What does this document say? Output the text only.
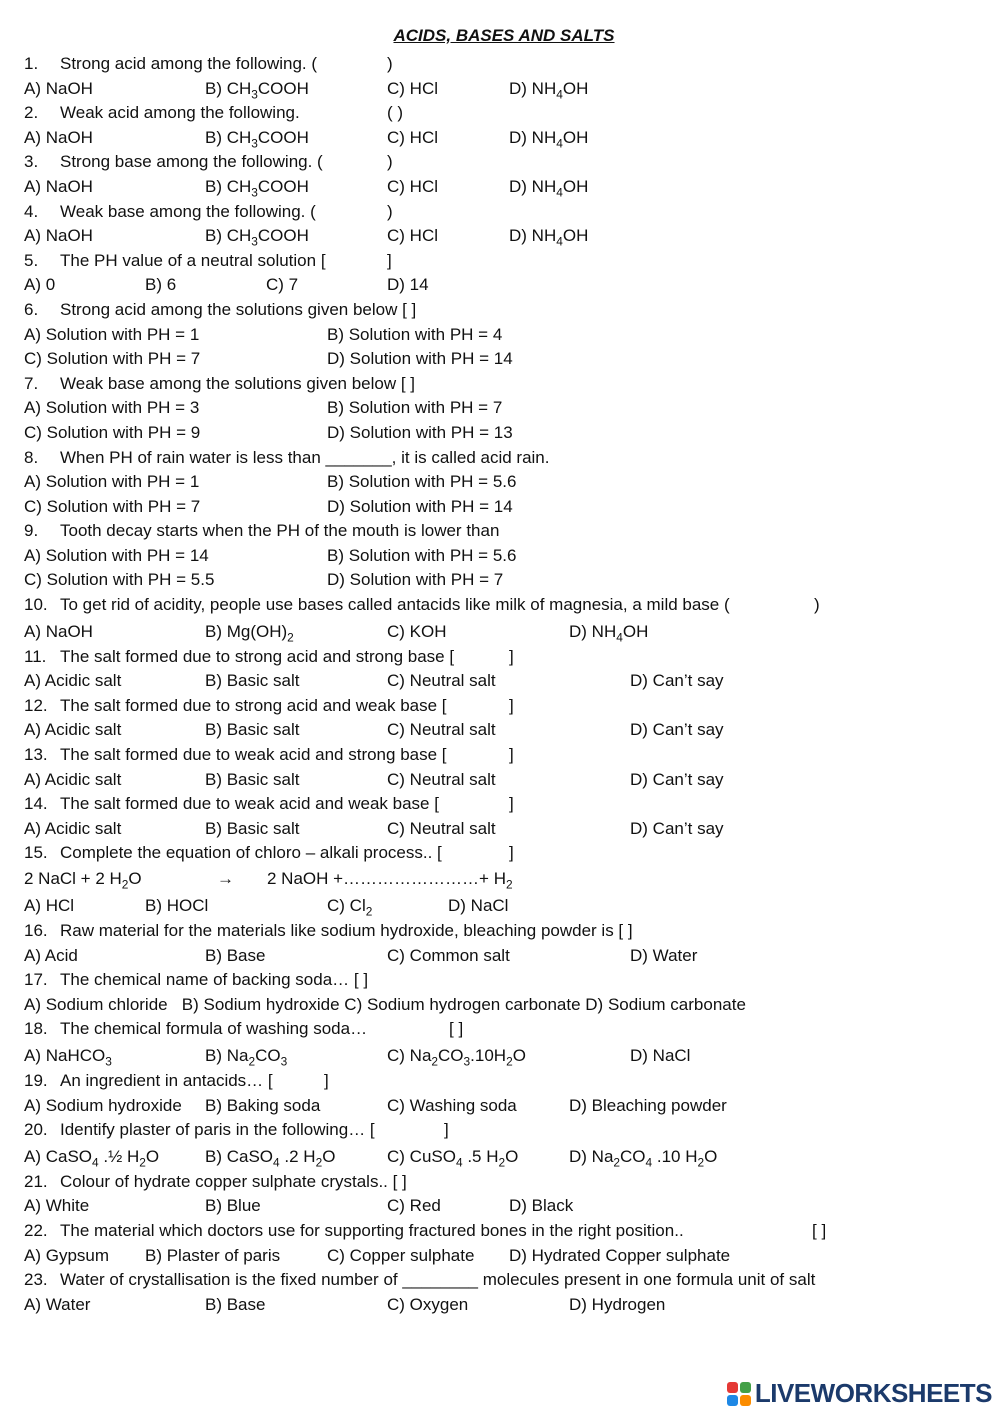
ACIDS, BASES AND SALTS
1. Strong acid among the following. (	)
A) NaOH	B) $CH_3COOH$	C) HCl	D) $NH_4OH$
2. Weak acid among the following.	( )
A) NaOH	B) $CH_3COOH$	C) HCl	D) $NH_4OH$
3. Strong base among the following. (	)
A) NaOH	B) $CH_3COOH$	C) HCl	D) $NH_4OH$
4. Weak base among the following. (	)
A) NaOH	B) $CH_3COOH$	C) HCl	D) $NH_4OH$
5. The PH value of a neutral solution [	]
A) 0	B) 6	C) 7	D) 14
6. Strong acid among the solutions given below [ ]
A) Solution with PH = 1	B) Solution with PH = 4
C) Solution with PH = 7	D) Solution with PH = 14
7. Weak base among the solutions given below [ ]
A) Solution with PH = 3	B) Solution with PH = 7
C) Solution with PH = 9	D) Solution with PH = 13
8. When PH of rain water is less than _______, it is called acid rain.
A) Solution with PH = 1	B) Solution with PH = 5.6
C) Solution with PH = 7	D) Solution with PH = 14
9. Tooth decay starts when the PH of the mouth is lower than
A) Solution with PH = 14	B) Solution with PH = 5.6
C) Solution with PH = 5.5	D) Solution with PH = 7
10. To get rid of acidity, people use bases called antacids like milk of magnesia, a mild base (	)
A) NaOH	B) $Mg(OH)_2$	C) KOH	D) $NH_4OH$
11. The salt formed due to strong acid and strong base [	]
A) Acidic salt	B) Basic salt	C) Neutral salt	D) Can’t say
12. The salt formed due to strong acid and weak base [	]
A) Acidic salt	B) Basic salt	C) Neutral salt	D) Can’t say
13. The salt formed due to weak acid and strong base [	]
A) Acidic salt	B) Basic salt	C) Neutral salt	D) Can’t say
14. The salt formed due to weak acid and weak base [	]
A) Acidic salt	B) Basic salt	C) Neutral salt	D) Can’t say
15. Complete the equation of chloro – alkali process.. [	]
2 NaCl + 2 $H_2O$	→ 2 NaOH +……………………+ $H_2$
A) HCl	B) HOCl	C) $Cl_2$	D) NaCl
16. Raw material for the materials like sodium hydroxide, bleaching powder is [ ]
A) Acid	B) Base	C) Common salt	D) Water
17. The chemical name of backing soda… [ ]
A) Sodium chloride   B) Sodium hydroxide C) Sodium hydrogen carbonate D) Sodium carbonate
18. The chemical formula of washing soda…	[ ]
A) NaHCO$_3$	B) $Na_2CO_3$	C) $Na_2CO_3.10H_2O$	D) NaCl
19. An ingredient in antacids… [	]
A) Sodium hydroxide B) Baking soda	C) Washing soda	D) Bleaching powder
20. Identify plaster of paris in the following… [	]
A) CaSO$_4$ .½ $H_2O$	B) CaSO$_4$ .2 $H_2O$	C) CuSO$_4$ .5 $H_2O$	D) $Na_2CO_4$ .10 $H_2O$
21. Colour of hydrate copper sulphate crystals.. [ ]
A) White	B) Blue	C) Red	D) Black
22. The material which doctors use for supporting fractured bones in the right position..	[ ]
A) Gypsum B) Plaster of paris	C) Copper sulphate D) Hydrated Copper sulphate
23. Water of crystallisation is the fixed number of ________ molecules present in one formula unit of salt
A) Water	B) Base	C) Oxygen	D) Hydrogen
LIVEWORKSHEETS
